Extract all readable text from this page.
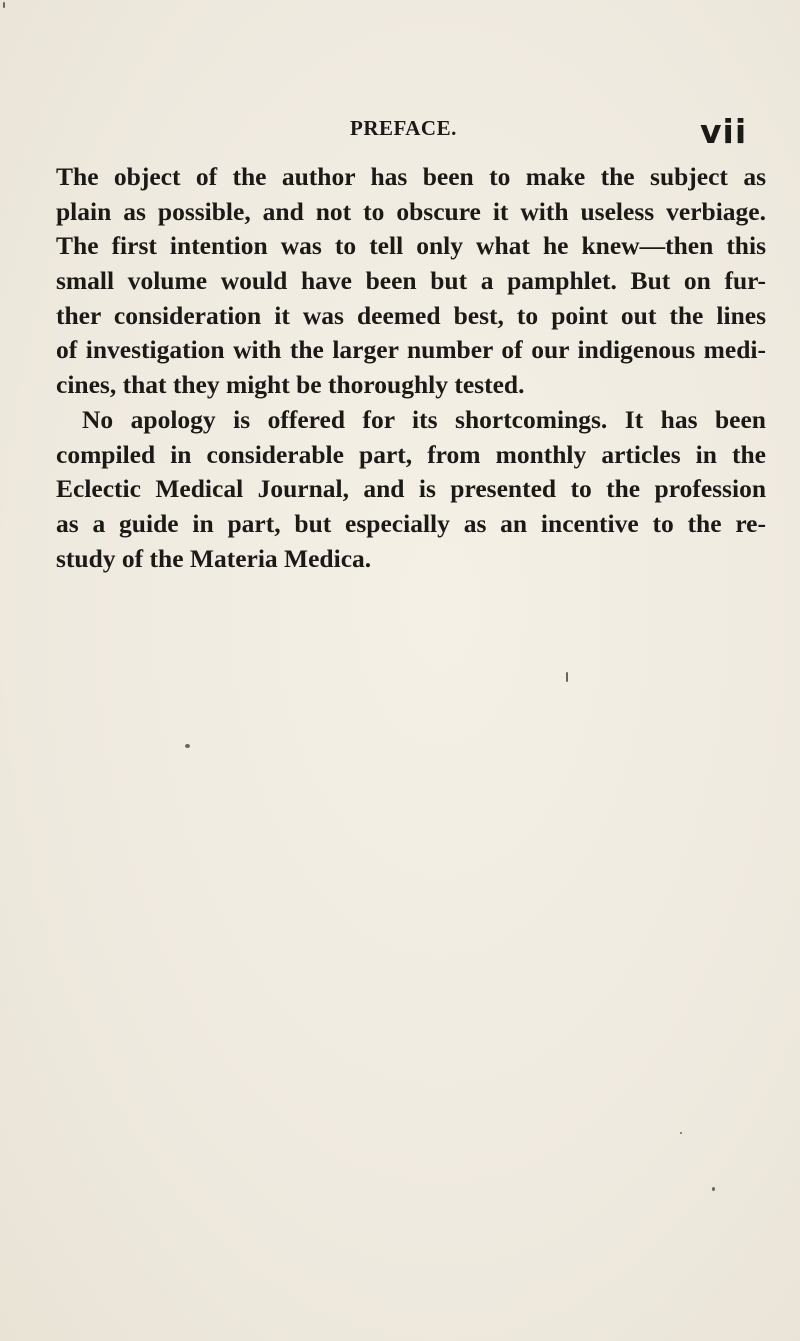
PREFACE.	vii
The object of the author has been to make the subject as
plain as possible, and not to obscure it with useless verbiage.
The first intention was to tell only what he knew—then this
small volume would have been but a pamphlet. But on fur-
ther consideration it was deemed best, to point out the lines
of investigation with the larger number of our indigenous medi-
cines, that they might be thoroughly tested.
No apology is offered for its shortcomings. It has been
compiled in considerable part, from monthly articles in the
Eclectic Medical Journal, and is presented to the profession
as a guide in part, but especially as an incentive to the re-
study of the Materia Medica.
